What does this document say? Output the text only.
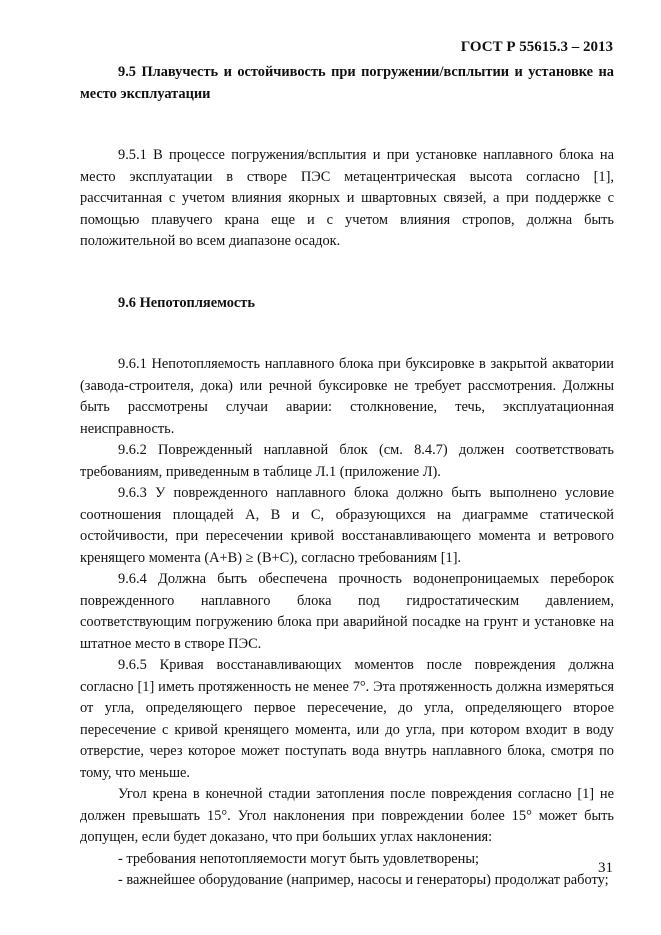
ГОСТ Р 55615.3 – 2013

9.5 Плавучесть и остойчивость при погружении/всплытии и установке на место эксплуатации

9.5.1 В процессе погружения/всплытия и при установке наплавного блока на место эксплуатации в створе ПЭС метацентрическая высота согласно [1], рассчитанная с учетом влияния якорных и швартовных связей, а при поддержке с помощью плавучего крана еще и с учетом влияния стропов, должна быть положительной во всем диапазоне осадок.

9.6 Непотопляемость

9.6.1 Непотопляемость наплавного блока при буксировке в закрытой акватории (завода-строителя, дока) или речной буксировке не требует рассмотрения. Должны быть рассмотрены случаи аварии: столкновение, течь, эксплуатационная неисправность.

9.6.2 Поврежденный наплавной блок (см. 8.4.7) должен соответствовать требованиям, приведенным в таблице Л.1 (приложение Л).

9.6.3 У поврежденного наплавного блока должно быть выполнено условие соотношения площадей А, В и С, образующихся на диаграмме статической остойчивости, при пересечении кривой восстанавливающего момента и ветрового кренящего момента (А+В) ≥ (В+С), согласно требованиям [1].

9.6.4 Должна быть обеспечена прочность водонепроницаемых переборок поврежденного наплавного блока под гидростатическим давлением, соответствующим погружению блока при аварийной посадке на грунт и установке на штатное место в створе ПЭС.

9.6.5 Кривая восстанавливающих моментов после повреждения должна согласно [1] иметь протяженность не менее 7°. Эта протяженность должна измеряться от угла, определяющего первое пересечение, до угла, определяющего второе пересечение с кривой кренящего момента, или до угла, при котором входит в воду отверстие, через которое может поступать вода внутрь наплавного блока, смотря по тому, что меньше.

Угол крена в конечной стадии затопления после повреждения согласно [1] не должен превышать 15°. Угол наклонения при повреждении более 15° может быть допущен, если будет доказано, что при больших углах наклонения:

- требования непотопляемости могут быть удовлетворены;

- важнейшее оборудование (например, насосы и генераторы) продолжат работу;

31
